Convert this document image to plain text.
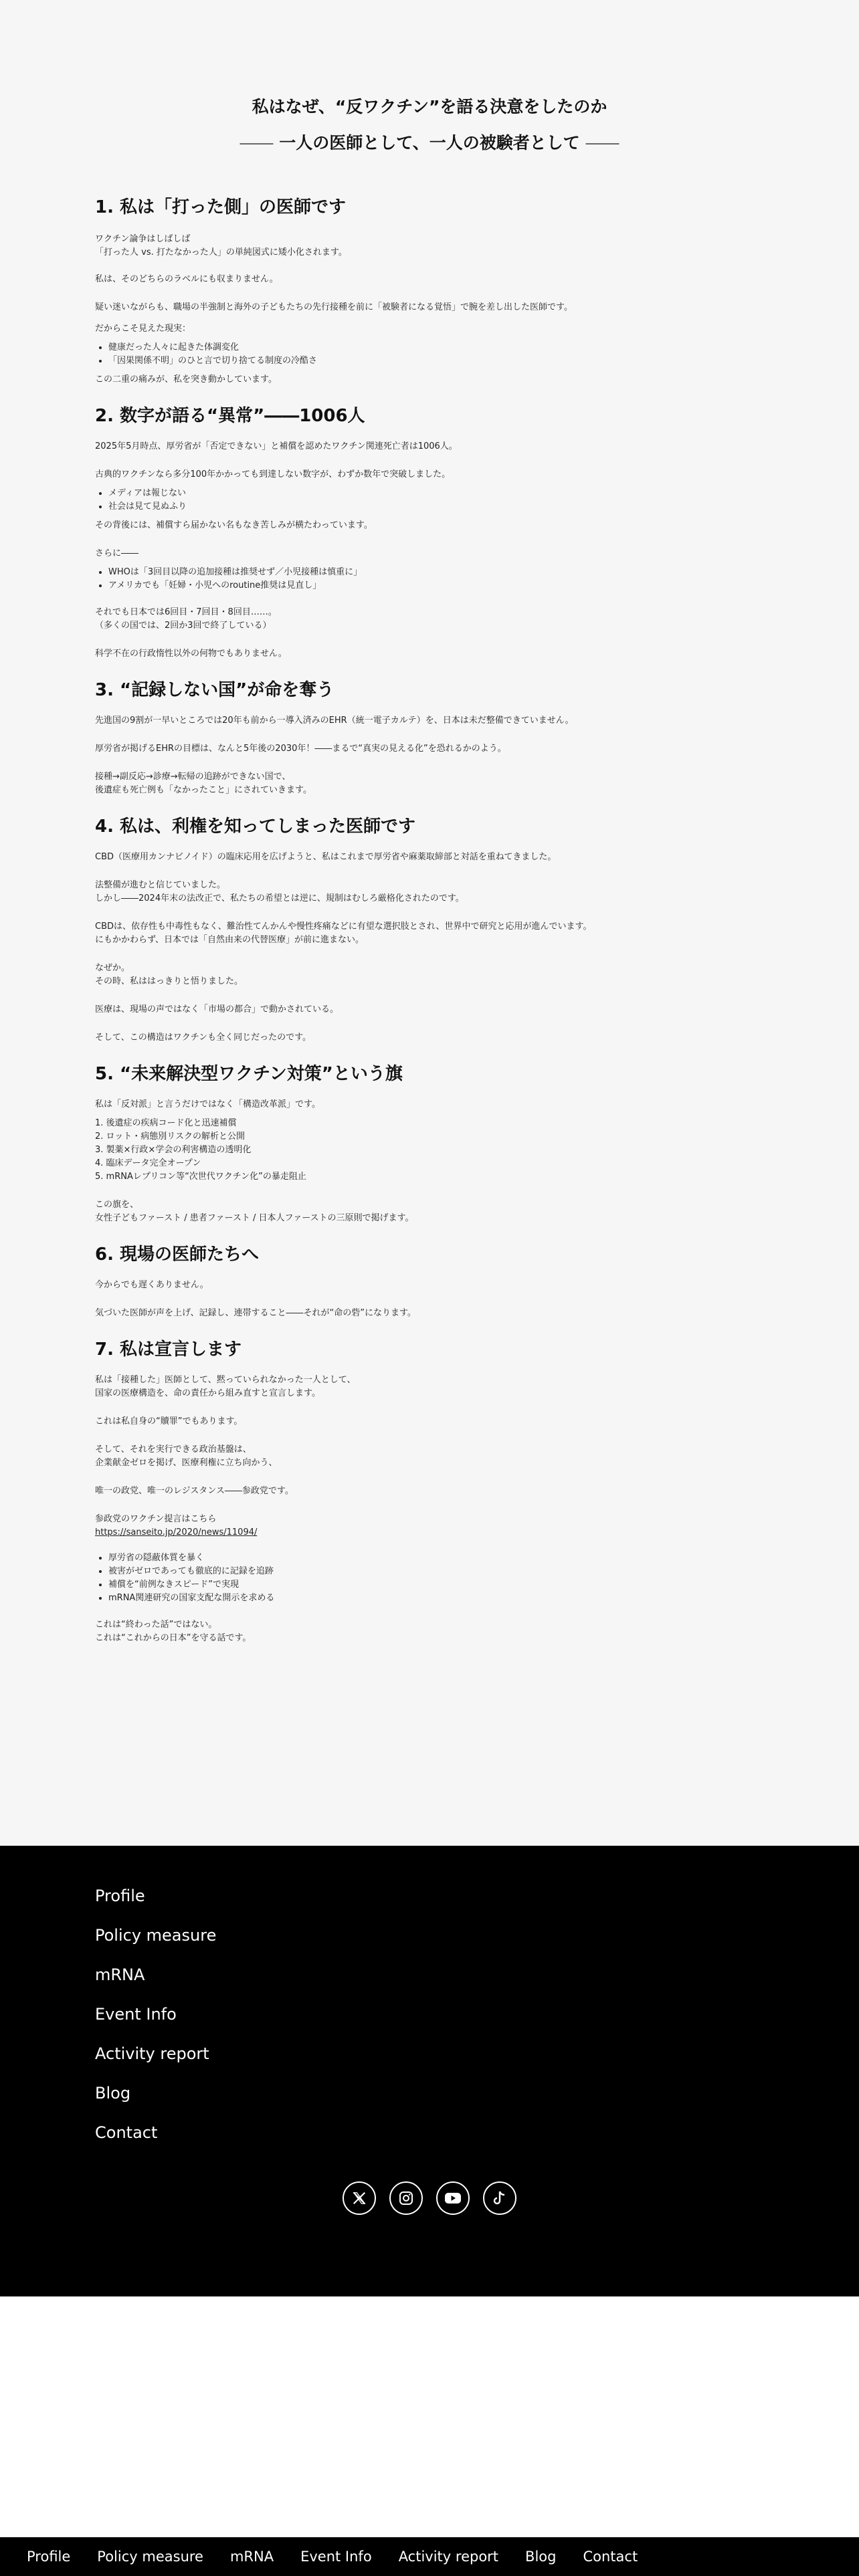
私はなぜ、“反ワクチン”を語る決意をしたのか
―― 一人の医師として、一人の被験者として ――
1. 私は「打った側」の医師です
ワクチン論争はしばしば
「打った人 vs. 打たなかった人」の単純図式に矮小化されます。
私は、そのどちらのラベルにも収まりません。
疑い迷いながらも、職場の半強制と海外の子どもたちの先行接種を前に「被験者になる覚悟」で腕を差し出した医師です。
だからこそ見えた現実：
• 健康だった人々に起きた体調変化
• 「因果関係不明」のひと言で切り捨てる制度の冷酷さ
この二重の痛みが、私を突き動かしています。
2. 数字が語る“異常”――1006人
2025年5月時点、厚労省が「否定できない」と補償を認めたワクチン関連死亡者は1006人。
古典的ワクチンなら多分100年かかっても到達しない数字が、わずか数年で突破しました。
• メディアは報じない
• 社会は見て見ぬふり
その背後には、補償すら届かない名もなき苦しみが横たわっています。
さらに――
• WHOは「3回目以降の追加接種は推奨せず／小児接種は慎重に」
• アメリカでも「妊婦・小児へのroutine推奨は見直し」
それでも日本では6回目・7回目・8回目……。
（多くの国では、2回か3回で終了している）
科学不在の行政惰性以外の何物でもありません。
3. “記録しない国”が命を奪う
先進国の9割が一早いところでは20年も前から一導入済みのEHR（統一電子カルテ）を、日本は未だ整備できていません。
厚労省が掲げるEHRの目標は、なんと5年後の2030年！――まるで“真実の見える化”を恐れるかのよう。
接種→副反応→診療→転帰の追跡ができない国で、
後遺症も死亡例も「なかったこと」にされていきます。
4. 私は、利権を知ってしまった医師です
CBD（医療用カンナビノイド）の臨床応用を広げようと、私はこれまで厚労省や麻薬取締部と対話を重ねてきました。
法整備が進むと信じていました。
しかし――2024年末の法改正で、私たちの希望とは逆に、規制はむしろ厳格化されたのです。
CBDは、依存性も中毒性もなく、難治性てんかんや慢性疼痛などに有望な選択肢とされ、世界中で研究と応用が進んでいます。
にもかかわらず、日本では「自然由来の代替医療」が前に進まない。
なぜか。
その時、私ははっきりと悟りました。
医療は、現場の声ではなく「市場の都合」で動かされている。
そして、この構造はワクチンも全く同じだったのです。
5. “未来解決型ワクチン対策”という旗
私は「反対派」と言うだけではなく「構造改革派」です。
1. 後遺症の疾病コード化と迅速補償
2. ロット・病態別リスクの解析と公開
3. 製薬×行政×学会の利害構造の透明化
4. 臨床データ完全オープン
5. mRNAレプリコン等“次世代ワクチン化”の暴走阻止
この旗を、
女性子どもファースト / 患者ファースト / 日本人ファーストの三原則で掲げます。
6. 現場の医師たちへ
今からでも遅くありません。
気づいた医師が声を上げ、記録し、連帯すること――それが“命の砦”になります。
7. 私は宣言します
私は「接種した」医師として、黙っていられなかった一人として、
国家の医療構造を、命の責任から組み直すと宣言します。
これは私自身の“贖罪”でもあります。
そして、それを実行できる政治基盤は、
企業献金ゼロを掲げ、医療利権に立ち向かう、
唯一の政党、唯一のレジスタンス――参政党です。
参政党のワクチン提言はこちら
https://sanseito.jp/2020/news/11094/
• 厚労省の隠蔽体質を暴く
• 被害がゼロであっても徹底的に記録を追跡
• 補償を“前例なきスピード”で実現
• mRNA関連研究の国家支配な開示を求める
これは“終わった話”ではない。
これは“これからの日本”を守る話です。
Profile
Policy measure
mRNA
Event Info
Activity report
Blog
Contact
Profile Policy measure mRNA Event Info Activity report Blog Contact
